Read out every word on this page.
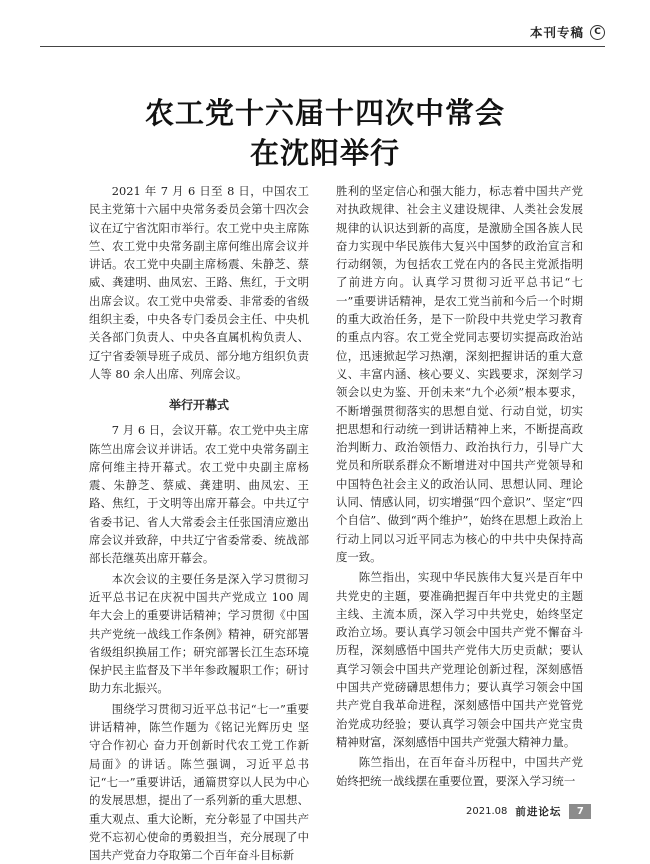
本刊专稿 C
农工党十六届十四次中常会
在沈阳举行

2021 年 7 月 6 日至 8 日，中国农工民主党第十六届中央常务委员会第十四次会议在辽宁省沈阳市举行。农工党中央主席陈竺、农工党中央常务副主席何维出席会议并讲话。农工党中央副主席杨震、朱静芝、蔡威、龚建明、曲凤宏、王路、焦红，于文明出席会议。农工党中央常委、非常委的省级组织主委，中央各专门委员会主任、中央机关各部门负责人、中央各直属机构负责人、辽宁省委领导班子成员、部分地方组织负责人等 80 余人出席、列席会议。

举行开幕式

7 月 6 日，会议开幕。农工党中央主席陈竺出席会议并讲话。农工党中央常务副主席何维主持开幕式。农工党中央副主席杨震、朱静芝、蔡威、龚建明、曲凤宏、王路、焦红，于文明等出席开幕会。中共辽宁省委书记、省人大常委会主任张国清应邀出席会议并致辞，中共辽宁省委常委、统战部部长范继英出席开幕会。

本次会议的主要任务是深入学习贯彻习近平总书记在庆祝中国共产党成立 100 周年大会上的重要讲话精神；学习贯彻《中国共产党统一战线工作条例》精神，研究部署省级组织换届工作；研究部署长江生态环境保护民主监督及下半年参政履职工作；研讨助力东北振兴。

围绕学习贯彻习近平总书记“七一”重要讲话精神，陈竺作题为《铭记光辉历史 坚守合作初心 奋力开创新时代农工党工作新局面》的讲话。陈竺强调，习近平总书记“七一”重要讲话，通篇贯穿以人民为中心的发展思想，提出了一系列新的重大思想、重大观点、重大论断，充分彰显了中国共产党不忘初心使命的勇毅担当，充分展现了中国共产党奋力夺取第二个百年奋斗目标新

胜利的坚定信心和强大能力，标志着中国共产党对执政规律、社会主义建设规律、人类社会发展规律的认识达到新的高度，是激励全国各族人民奋力实现中华民族伟大复兴中国梦的政治宣言和行动纲领，为包括农工党在内的各民主党派指明了前进方向。认真学习贯彻习近平总书记“七一”重要讲话精神，是农工党当前和今后一个时期的重大政治任务，是下一阶段中共党史学习教育的重点内容。农工党全党同志要切实提高政治站位，迅速掀起学习热潮，深刻把握讲话的重大意义、丰富内涵、核心要义、实践要求，深刻学习领会以史为鉴、开创未来“九个必须”根本要求，不断增强贯彻落实的思想自觉、行动自觉，切实把思想和行动统一到讲话精神上来，不断提高政治判断力、政治领悟力、政治执行力，引导广大党员和所联系群众不断增进对中国共产党领导和中国特色社会主义的政治认同、思想认同、理论认同、情感认同，切实增强“四个意识”、坚定“四个自信”、做到“两个维护”，始终在思想上政治上行动上同以习近平同志为核心的中共中央保持高度一致。

陈竺指出，实现中华民族伟大复兴是百年中共党史的主题，要准确把握百年中共党史的主题主线、主流本质，深入学习中共党史，始终坚定政治立场。要认真学习领会中国共产党不懈奋斗历程，深刻感悟中国共产党伟大历史贡献；要认真学习领会中国共产党理论创新过程，深刻感悟中国共产党磅礴思想伟力；要认真学习领会中国共产党自我革命进程，深刻感悟中国共产党管党治党成功经验；要认真学习领会中国共产党宝贵精神财富，深刻感悟中国共产党强大精神力量。

陈竺指出，在百年奋斗历程中，中国共产党始终把统一战线摆在重要位置，要深入学习统一

2021.08 前进论坛	7
